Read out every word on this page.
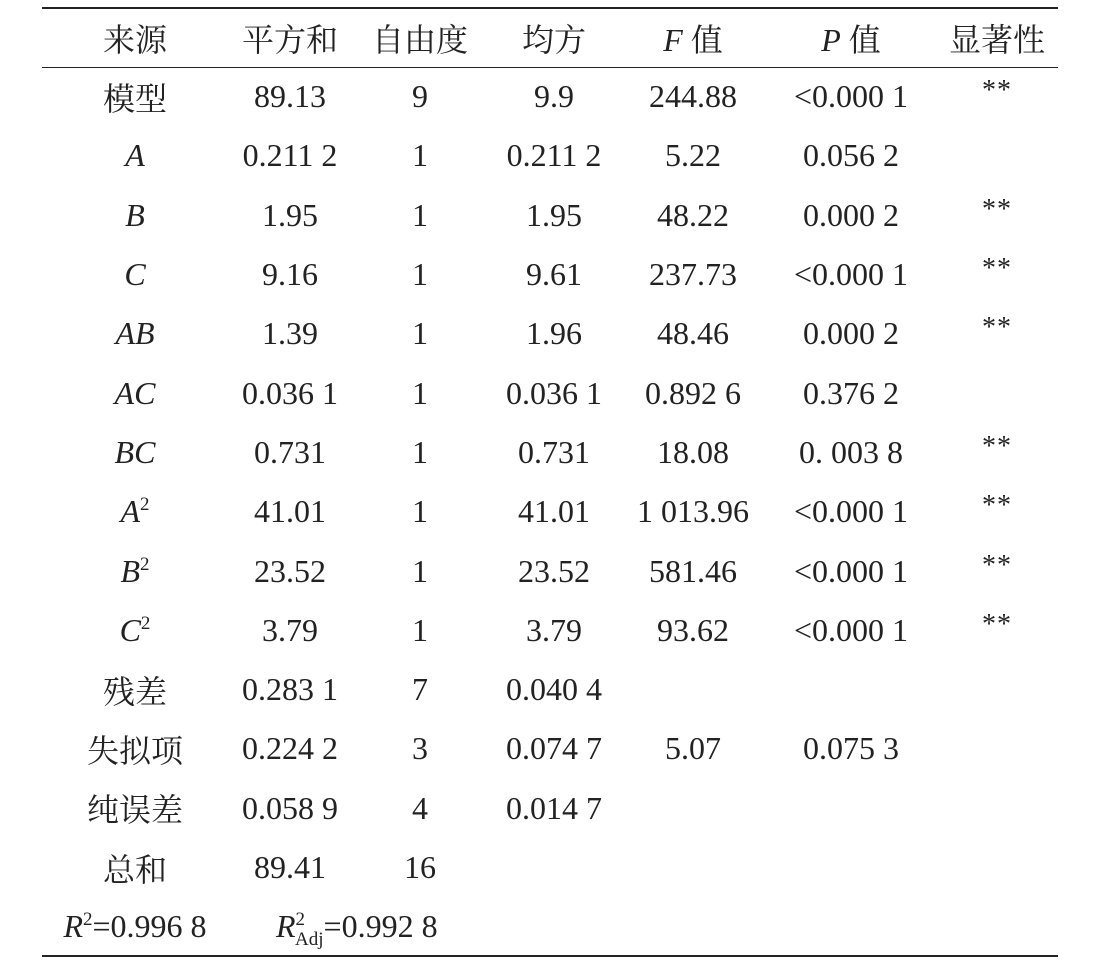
来源	平方和	自由度	均方	F 值	P 值	显著性
模型	89.13	9	9.9	244.88	<0.000 1	**
A	0.211 2	1	0.211 2	5.22	0.056 2	
B	1.95	1	1.95	48.22	0.000 2	**
C	9.16	1	9.61	237.73	<0.000 1	**
AB	1.39	1	1.96	48.46	0.000 2	**
AC	0.036 1	1	0.036 1	0.892 6	0.376 2	
BC	0.731	1	0.731	18.08	0. 003 8	**
$A^2$	41.01	1	41.01	1 013.96	<0.000 1	**
$B^2$	23.52	1	23.52	581.46	<0.000 1	**
$C^2$	3.79	1	3.79	93.62	<0.000 1	**
残差	0.283 1	7	0.040 4			
失拟项	0.224 2	3	0.074 7	5.07	0.075 3	
纯误差	0.058 9	4	0.014 7			
总和	89.41	16				
$R^2=0.996$ 8	$R^2_{Adj}=0.992$ 8					
